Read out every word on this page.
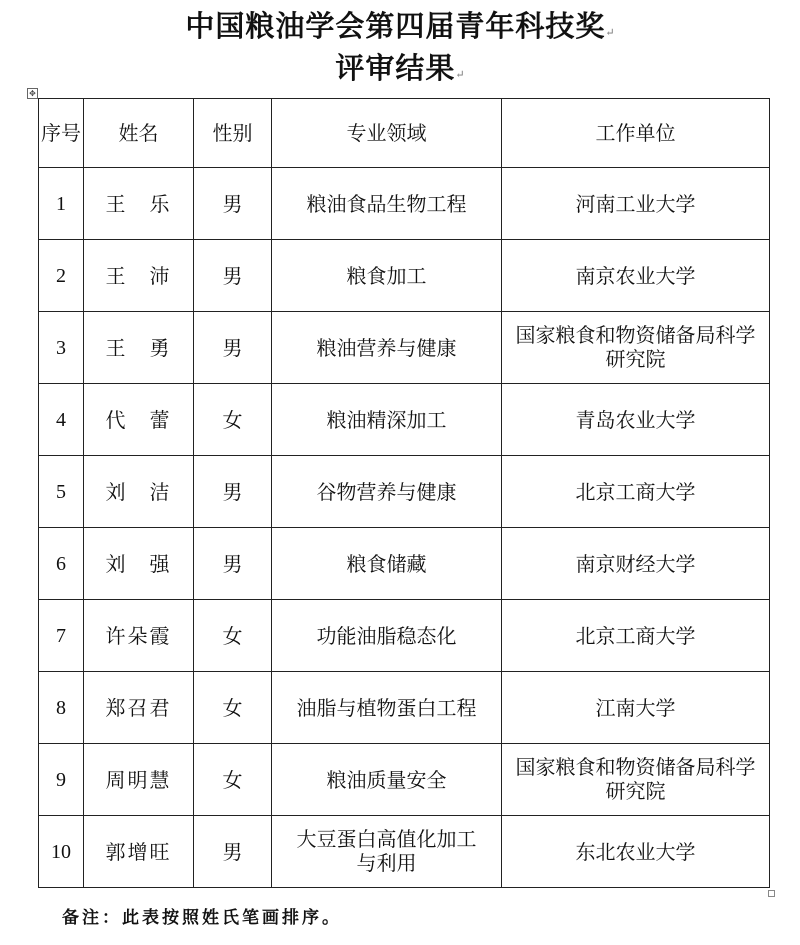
中国粮油学会第四届青年科技奖↵
评审结果↵
✥
序号	姓名	性别	专业领域	工作单位
1	王　乐	男	粮油食品生物工程	河南工业大学
2	王　沛	男	粮食加工	南京农业大学
3	王　勇	男	粮油营养与健康	国家粮食和物资储备局科学研究院
4	代　蕾	女	粮油精深加工	青岛农业大学
5	刘　洁	男	谷物营养与健康	北京工商大学
6	刘　强	男	粮食储藏	南京财经大学
7	许朵霞	女	功能油脂稳态化	北京工商大学
8	郑召君	女	油脂与植物蛋白工程	江南大学
9	周明慧	女	粮油质量安全	国家粮食和物资储备局科学研究院
10	郭增旺	男	大豆蛋白高值化加工与利用	东北农业大学
备注：此表按照姓氏笔画排序。
